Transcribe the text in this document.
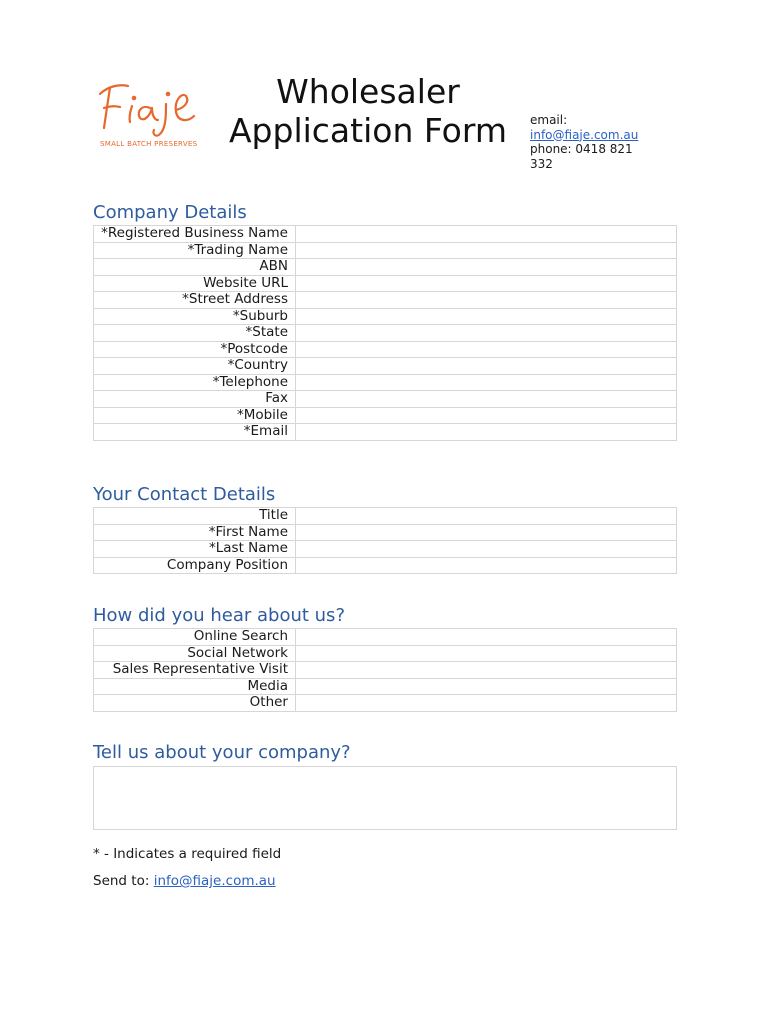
SMALL BATCH PRESERVES
Wholesaler
Application Form	email:
info@fiaje.com.au
phone: 0418 821
332
Company Details
*Registered Business Name	
*Trading Name	
ABN	
Website URL	
*Street Address	
*Suburb	
*State	
*Postcode	
*Country	
*Telephone	
Fax	
*Mobile	
*Email	
Your Contact Details
Title	
*First Name	
*Last Name	
Company Position	
How did you hear about us?
Online Search	
Social Network	
Sales Representative Visit	
Media	
Other	
Tell us about your company?
* - Indicates a required field
Send to: info@fiaje.com.au
